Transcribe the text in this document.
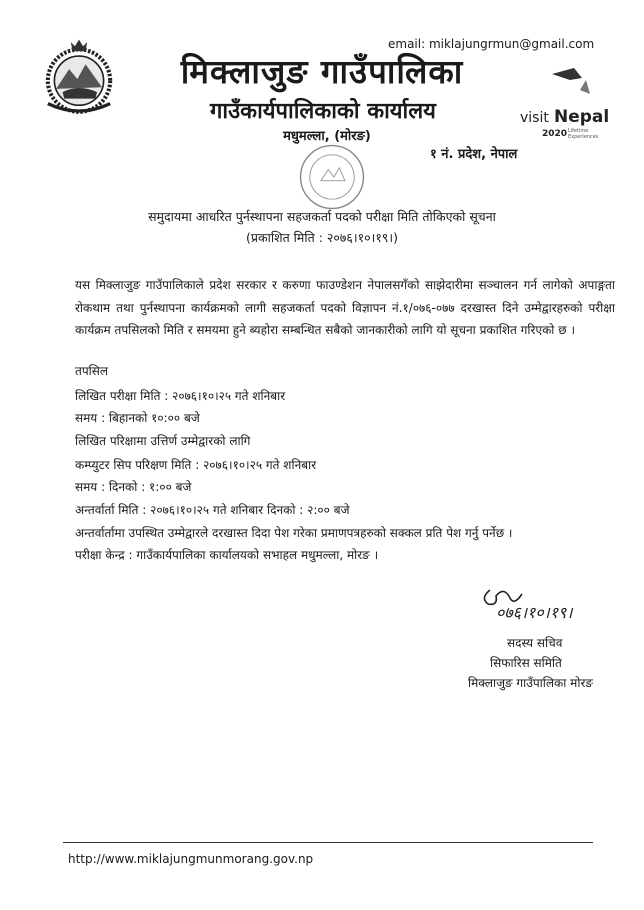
email: miklajungrmun@gmail.com
मिक्लाजुङ गाउँपालिका
गाउँकार्यपालिकाको कार्यालय
मधुमल्ला, (मोरङ)
१ नं. प्रदेश, नेपाल
visit Nepal
2020 Lifetime
Experiences
समुदायमा आधरित पुर्नस्थापना सहजकर्ता पदको परीक्षा मिति तोकिएको सूचना
(प्रकाशित मिति : २०७६।१०।१९।)
यस मिक्लाजुङ गाउँपालिकाले प्रदेश सरकार र करुणा फाउण्डेशन नेपालसगँको साझेदारीमा सञ्चालन गर्न लागेको अपाङ्गता रोकथाम तथा पुर्नस्थापना कार्यक्रमको लागी सहजकर्ता पदको विज्ञापन नं.१/०७६-०७७ दरखास्त दिने उम्मेद्वारहरुको परीक्षा कार्यक्रम तपसिलको मिति र समयमा हुने ब्यहोरा सम्बन्धित सबैको जानकारीको लागि यो सूचना प्रकाशित गरिएको छ ।
तपसिल
लिखित परीक्षा मिति : २०७६।१०।२५ गते शनिबार
समय : बिहानको १०:०० बजे
लिखित परिक्षामा उत्तिर्ण उम्मेद्वारको लागि
कम्प्युटर सिप परिक्षण मिति : २०७६।१०।२५ गते शनिबार
समय : दिनको : १:०० बजे
अन्तर्वार्ता मिति : २०७६।१०।२५ गते शनिबार दिनको : २:०० बजे
अन्तर्वार्तामा उपस्थित उम्मेद्वारले दरखास्त दिदा पेश गरेका प्रमाणपत्रहरुको सक्कल प्रति पेश गर्नु पर्नेछ ।
परीक्षा केन्द्र : गाउँकार्यपालिका कार्यालयको सभाहल मधुमल्ला, मोरङ ।
०७६।१०।१९।
सदस्य सचिव
सिफारिस समिति
मिक्लाजुङ गाउँपालिका मोरङ
http://www.miklajungmunmorang.gov.np
